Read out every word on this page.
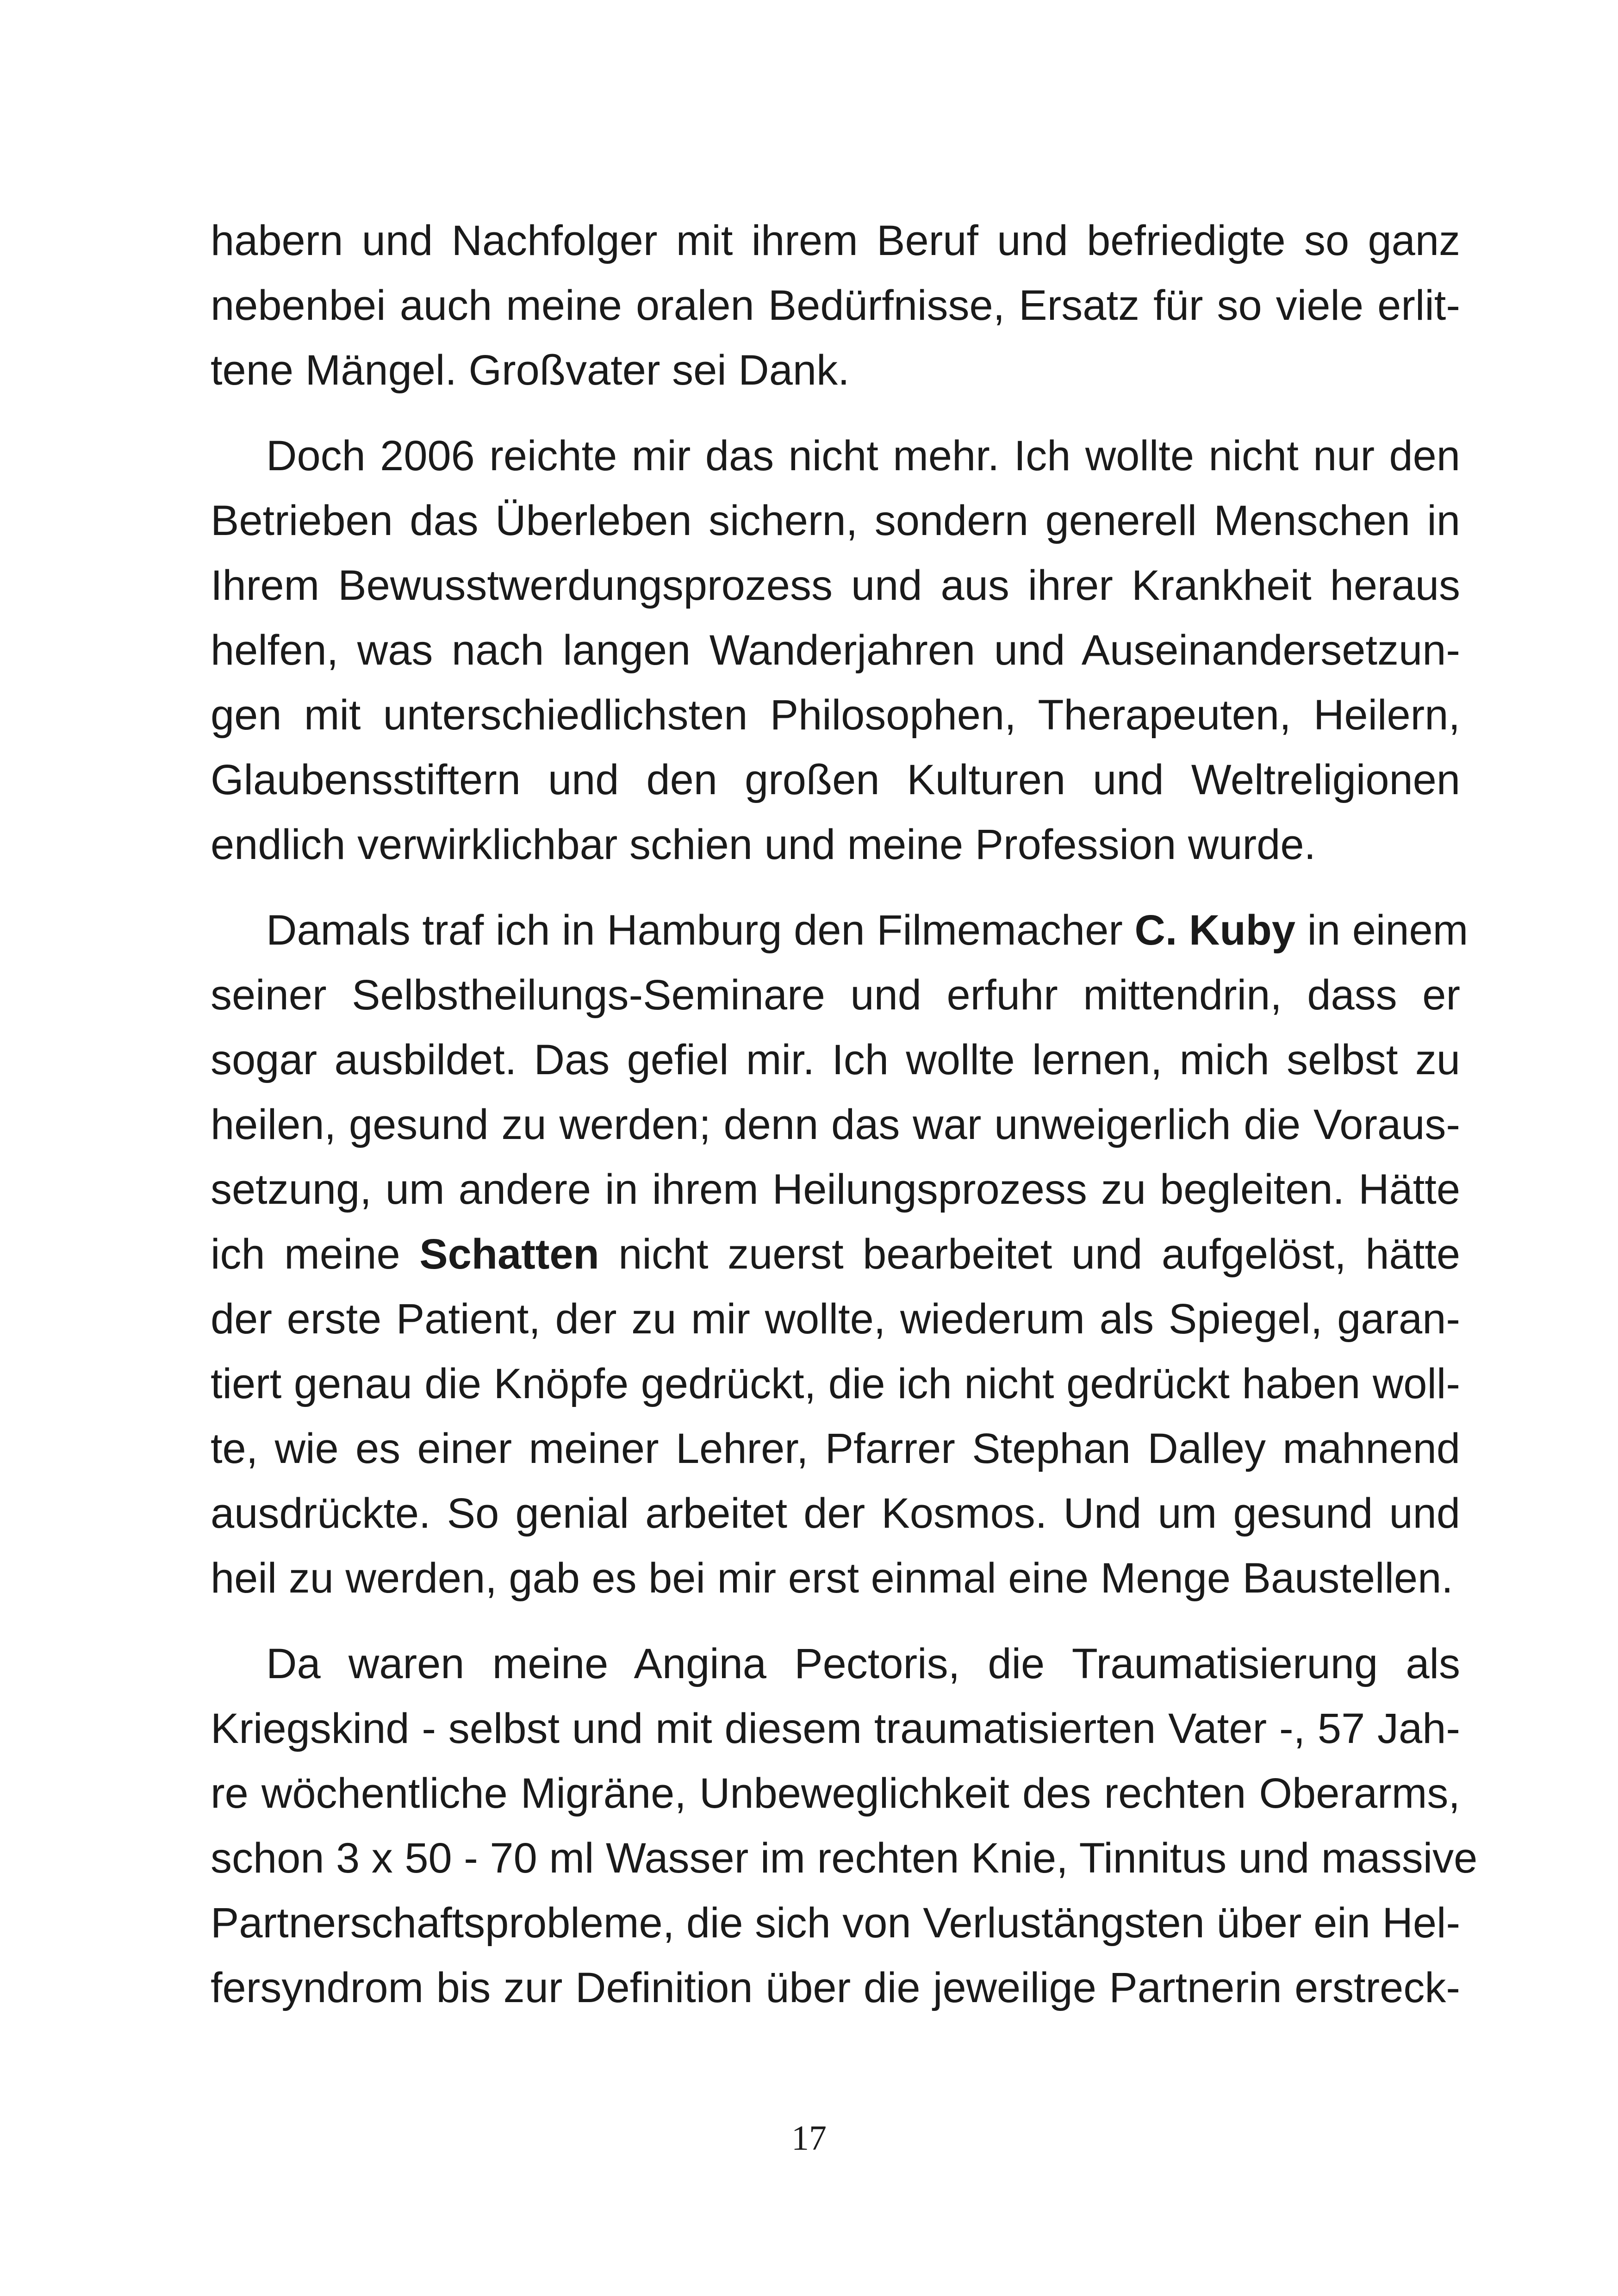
habern und Nachfolger mit ihrem Beruf und befriedigte so ganz
nebenbei auch meine oralen Bedürfnisse, Ersatz für so viele erlit-
tene Mängel. Großvater sei Dank.
Doch 2006 reichte mir das nicht mehr. Ich wollte nicht nur den
Betrieben das Überleben sichern, sondern generell Menschen in
Ihrem Bewusstwerdungsprozess und aus ihrer Krankheit heraus
helfen, was nach langen Wanderjahren und Auseinandersetzun-
gen mit unterschiedlichsten Philosophen, Therapeuten, Heilern,
Glaubensstiftern und den großen Kulturen und Weltreligionen
endlich verwirklichbar schien und meine Profession wurde.
Damals traf ich in Hamburg den Filmemacher C. Kuby in einem
seiner Selbstheilungs-Seminare und erfuhr mittendrin, dass er
sogar ausbildet. Das gefiel mir. Ich wollte lernen, mich selbst zu
heilen, gesund zu werden; denn das war unweigerlich die Voraus-
setzung, um andere in ihrem Heilungsprozess zu begleiten. Hätte
ich meine Schatten nicht zuerst bearbeitet und aufgelöst, hätte
der erste Patient, der zu mir wollte, wiederum als Spiegel, garan-
tiert genau die Knöpfe gedrückt, die ich nicht gedrückt haben woll-
te, wie es einer meiner Lehrer, Pfarrer Stephan Dalley mahnend
ausdrückte. So genial arbeitet der Kosmos. Und um gesund und
heil zu werden, gab es bei mir erst einmal eine Menge Baustellen.
Da waren meine Angina Pectoris, die Traumatisierung als
Kriegskind - selbst und mit diesem traumatisierten Vater -, 57 Jah-
re wöchentliche Migräne, Unbeweglichkeit des rechten Oberarms,
schon 3 x 50 - 70 ml Wasser im rechten Knie, Tinnitus und massive
Partnerschaftsprobleme, die sich von Verlustängsten über ein Hel-
fersyndrom bis zur Definition über die jeweilige Partnerin erstreck-
17
